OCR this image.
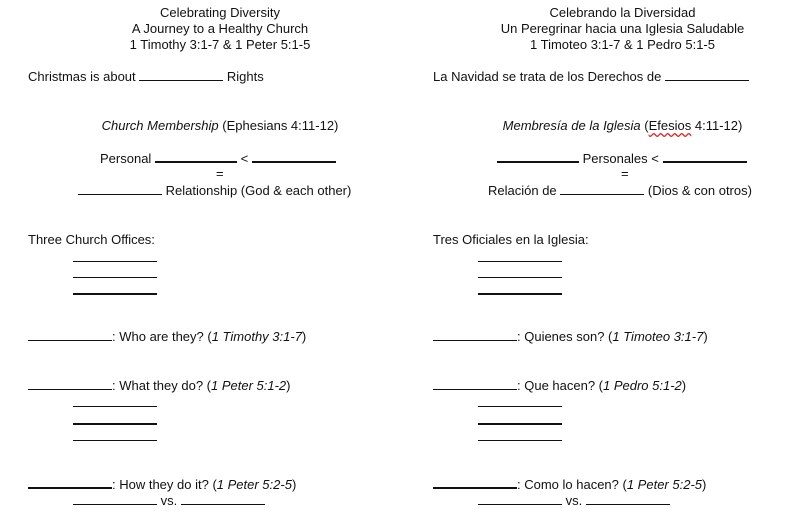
Celebrating Diversity
A Journey to a Healthy Church
1 Timothy 3:1-7 & 1 Peter 5:1-5
Christmas is about	Rights
Church Membership (Ephesians 4:11-12)
Personal	<
=
Relationship (God & each other)
Three Church Offices:
: Who are they? (1 Timothy 3:1-7)
: What they do? (1 Peter 5:1-2)
: How they do it? (1 Peter 5:2-5)
vs.
Celebrando la Diversidad
Un Peregrinar hacia una Iglesia Saludable
1 Timoteo 3:1-7 & 1 Pedro 5:1-5
La Navidad se trata de los Derechos de
Membresía de la Iglesia (Efesios 4:11-12)
Personales <
=
Relación de	(Dios & con otros)
Tres Oficiales en la Iglesia:
: Quienes son? (1 Timoteo 3:1-7)
: Que hacen? (1 Pedro 5:1-2)
: Como lo hacen? (1 Peter 5:2-5)
vs.
